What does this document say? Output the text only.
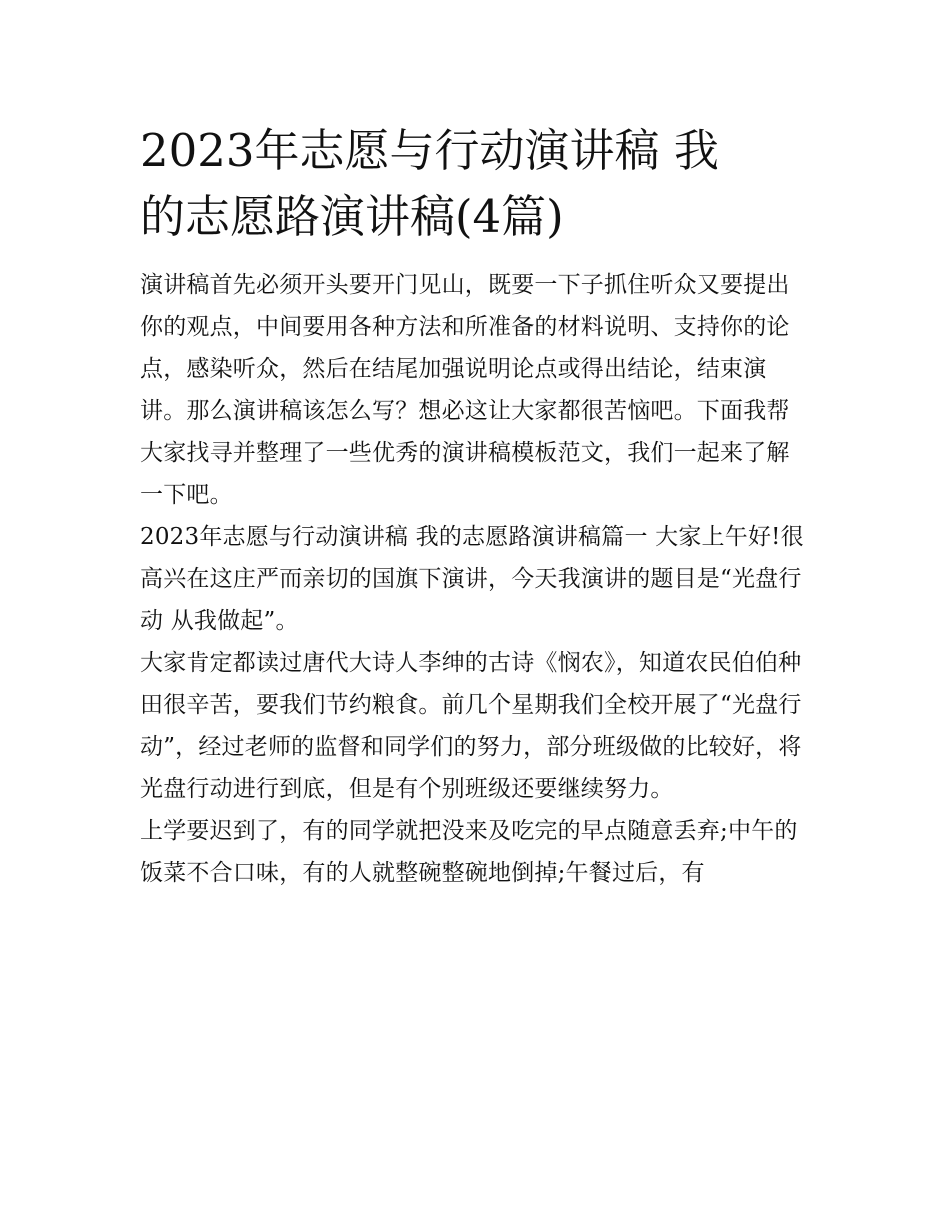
2023年志愿与行动演讲稿 我
的志愿路演讲稿(4篇)

演讲稿首先必须开头要开门见山，既要一下子抓住听众又要提出你的观点，中间要用各种方法和所准备的材料说明、支持你的论点，感染听众，然后在结尾加强说明论点或得出结论，结束演讲。那么演讲稿该怎么写？想必这让大家都很苦恼吧。下面我帮大家找寻并整理了一些优秀的演讲稿模板范文，我们一起来了解一下吧。

2023年志愿与行动演讲稿 我的志愿路演讲稿篇一 大家上午好!很高兴在这庄严而亲切的国旗下演讲，今天我演讲的题目是“光盘行动 从我做起”。

大家肯定都读过唐代大诗人李绅的古诗《悯农》，知道农民伯伯种田很辛苦，要我们节约粮食。前几个星期我们全校开展了“光盘行动”，经过老师的监督和同学们的努力，部分班级做的比较好，将光盘行动进行到底，但是有个别班级还要继续努力。

上学要迟到了，有的同学就把没来及吃完的早点随意丢弃;中午的饭菜不合口味，有的人就整碗整碗地倒掉;午餐过后，有
